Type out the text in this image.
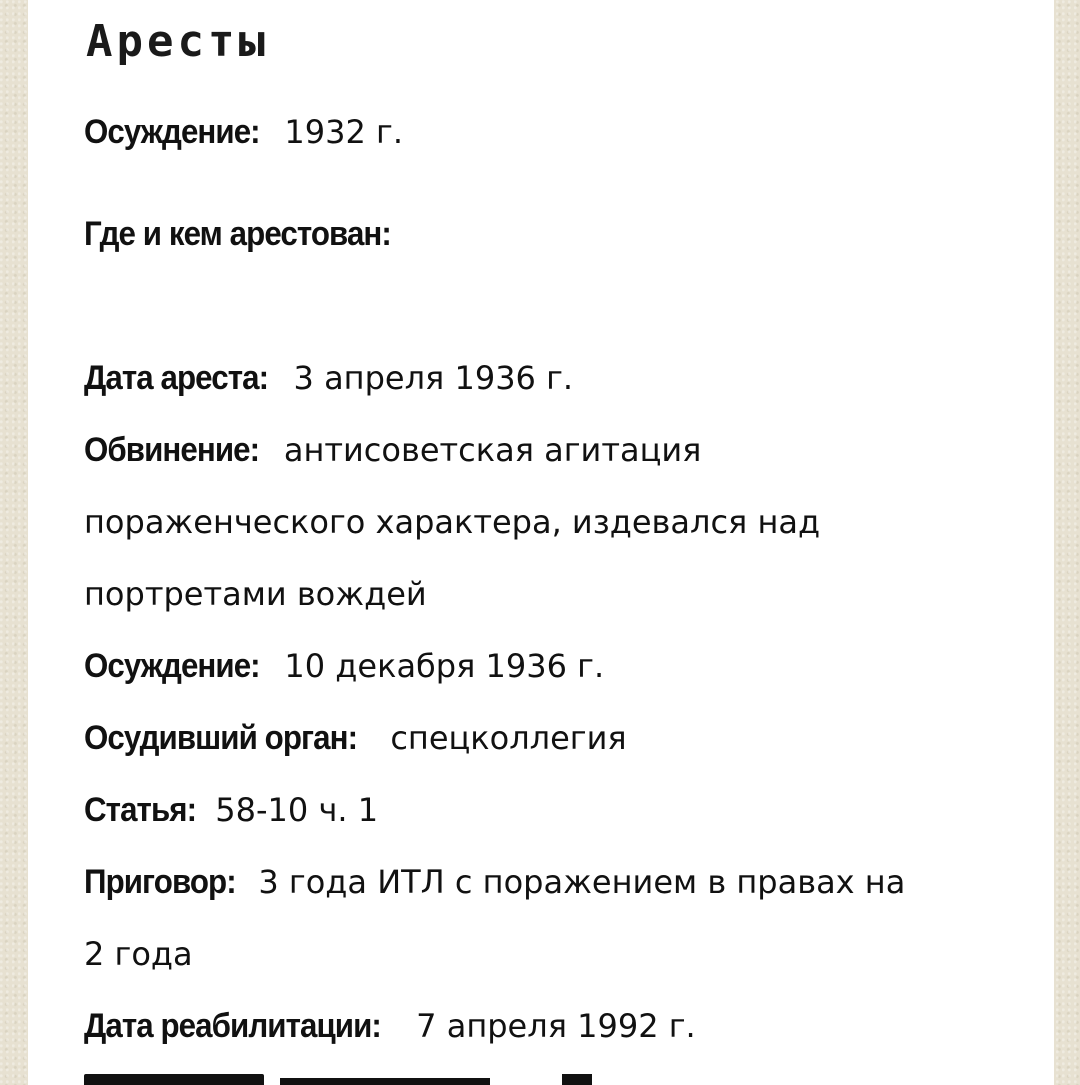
Аресты
Осуждение: 1932 г.
Где и кем арестован:
Дата ареста: 3 апреля 1936 г.
Обвинение: антисоветская агитация
пораженческого характера, издевался над
портретами вождей
Осуждение: 10 декабря 1936 г.
Осудивший орган: спецколлегия
Статья: 58-10 ч. 1
Приговор: 3 года ИТЛ с поражением в правах на
2 года
Дата реабилитации: 7 апреля 1992 г.
